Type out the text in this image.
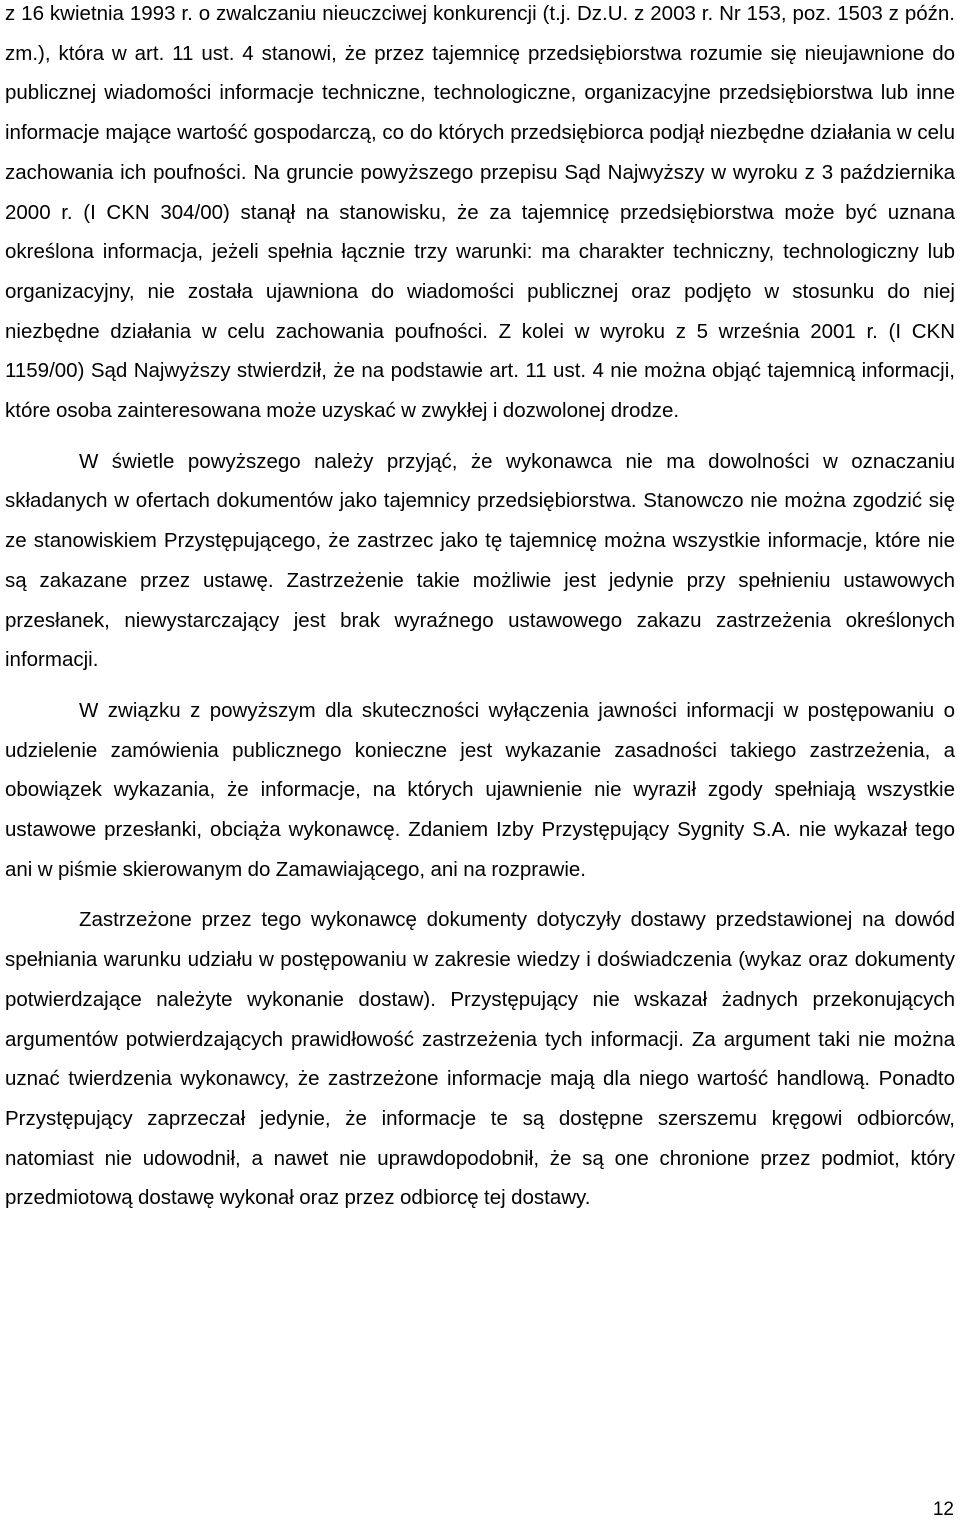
z 16 kwietnia 1993 r. o zwalczaniu nieuczciwej konkurencji (t.j. Dz.U. z 2003 r. Nr 153, poz. 1503 z późn. zm.), która w art. 11 ust. 4 stanowi, że przez tajemnicę przedsiębiorstwa rozumie się nieujawnione do publicznej wiadomości informacje techniczne, technologiczne, organizacyjne przedsiębiorstwa lub inne informacje mające wartość gospodarczą, co do których przedsiębiorca podjął niezbędne działania w celu zachowania ich poufności. Na gruncie powyższego przepisu Sąd Najwyższy w wyroku z 3 października 2000 r. (I CKN 304/00) stanął na stanowisku, że za tajemnicę przedsiębiorstwa może być uznana określona informacja, jeżeli spełnia łącznie trzy warunki: ma charakter techniczny, technologiczny lub organizacyjny, nie została ujawniona do wiadomości publicznej oraz podjęto w stosunku do niej niezbędne działania w celu zachowania poufności. Z kolei w wyroku z 5 września 2001 r. (I CKN 1159/00) Sąd Najwyższy stwierdził, że na podstawie art. 11 ust. 4 nie można objąć tajemnicą informacji, które osoba zainteresowana może uzyskać w zwykłej i dozwolonej drodze.

W świetle powyższego należy przyjąć, że wykonawca nie ma dowolności w oznaczaniu składanych w ofertach dokumentów jako tajemnicy przedsiębiorstwa. Stanowczo nie można zgodzić się ze stanowiskiem Przystępującego, że zastrzec jako tę tajemnicę można wszystkie informacje, które nie są zakazane przez ustawę. Zastrzeżenie takie możliwie jest jedynie przy spełnieniu ustawowych przesłanek, niewystarczający jest brak wyraźnego ustawowego zakazu zastrzeżenia określonych informacji.

W związku z powyższym dla skuteczności wyłączenia jawności informacji w postępowaniu o udzielenie zamówienia publicznego konieczne jest wykazanie zasadności takiego zastrzeżenia, a obowiązek wykazania, że informacje, na których ujawnienie nie wyraził zgody spełniają wszystkie ustawowe przesłanki, obciąża wykonawcę. Zdaniem Izby Przystępujący Sygnity S.A. nie wykazał tego ani w piśmie skierowanym do Zamawiającego, ani na rozprawie.

Zastrzeżone przez tego wykonawcę dokumenty dotyczyły dostawy przedstawionej na dowód spełniania warunku udziału w postępowaniu w zakresie wiedzy i doświadczenia (wykaz oraz dokumenty potwierdzające należyte wykonanie dostaw). Przystępujący nie wskazał żadnych przekonujących argumentów potwierdzających prawidłowość zastrzeżenia tych informacji. Za argument taki nie można uznać twierdzenia wykonawcy, że zastrzeżone informacje mają dla niego wartość handlową. Ponadto Przystępujący zaprzeczał jedynie, że informacje te są dostępne szerszemu kręgowi odbiorców, natomiast nie udowodnił, a nawet nie uprawdopodobnił, że są one chronione przez podmiot, który przedmiotową dostawę wykonał oraz przez odbiorcę tej dostawy.

12
